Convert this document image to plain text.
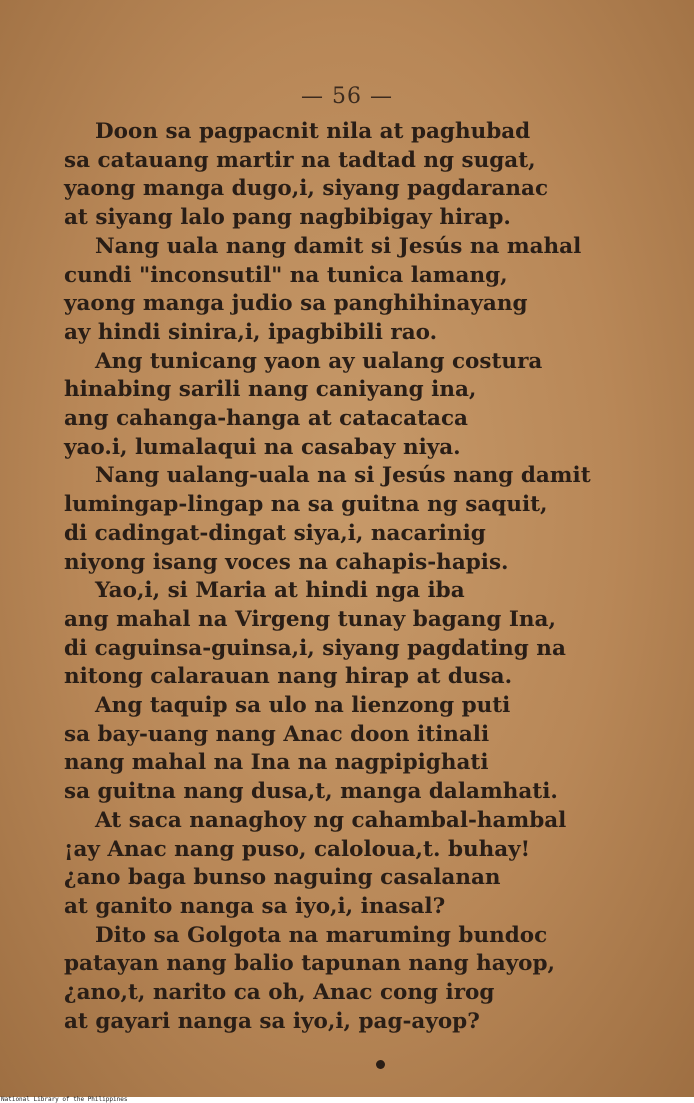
— 56 —
Doon sa pagpacnit nila at paghubad
sa catauang martir na tadtad ng sugat,
yaong manga dugo,i, siyang pagdaranac
at siyang lalo pang nagbibigay hirap.
Nang uala nang damit si Jesús na mahal
cundi "inconsutil" na tunica lamang,
yaong manga judio sa panghihinayang
ay hindi sinira,i, ipagbibili rao.
Ang tunicang yaon ay ualang costura
hinabing sarili nang caniyang ina,
ang cahanga-hanga at catacataca
yao.i, lumalaqui na casabay niya.
Nang ualang-uala na si Jesús nang damit
lumingap-lingap na sa guitna ng saquit,
di cadingat-dingat siya,i, nacarinig
niyong isang voces na cahapis-hapis.
Yao,i, si Maria at hindi nga iba
ang mahal na Virgeng tunay bagang Ina,
di caguinsa-guinsa,i, siyang pagdating na
nitong calarauan nang hirap at dusa.
Ang taquip sa ulo na lienzong puti
sa bay-uang nang Anac doon itinali
nang mahal na Ina na nagpipighati
sa guitna nang dusa,t, manga dalamhati.
At saca nanaghoy ng cahambal-hambal
¡ay Anac nang puso, caloloua,t. buhay!
¿ano baga bunso naguing casalanan
at ganito nanga sa iyo,i, inasal?
Dito sa Golgota na maruming bundoc
patayan nang balio tapunan nang hayop,
¿ano,t, narito ca oh, Anac cong irog
at gayari nanga sa iyo,i, pag-ayop?
National Library of the Philippines
